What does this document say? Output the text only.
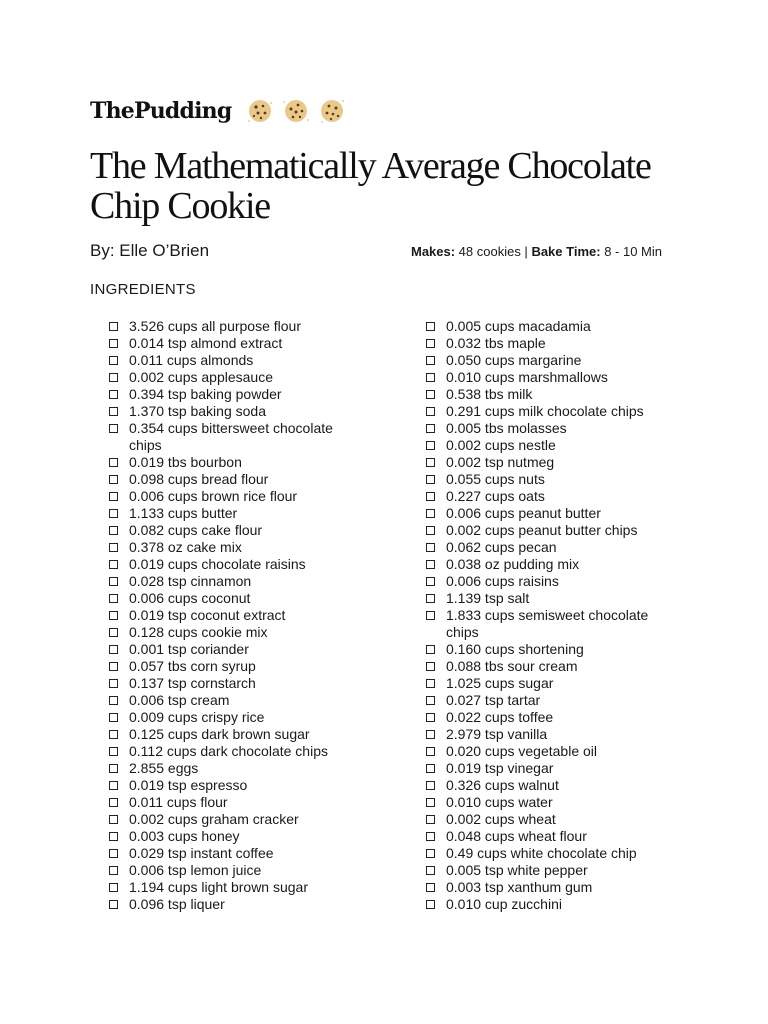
ThePudding
The Mathematically Average Chocolate Chip Cookie
By: Elle O’Brien	Makes: 48 cookies | Bake Time: 8 - 10 Min
INGREDIENTS
3.526 cups all purpose flour
0.014 tsp almond extract
0.011 cups almonds
0.002 cups applesauce
0.394 tsp baking powder
1.370 tsp baking soda
0.354 cups bittersweet chocolate chips
0.019 tbs bourbon
0.098 cups bread flour
0.006 cups brown rice flour
1.133 cups butter
0.082 cups cake flour
0.378 oz cake mix
0.019 cups chocolate raisins
0.028 tsp cinnamon
0.006 cups coconut
0.019 tsp coconut extract
0.128 cups cookie mix
0.001 tsp coriander
0.057 tbs corn syrup
0.137 tsp cornstarch
0.006 tsp cream
0.009 cups crispy rice
0.125 cups dark brown sugar
0.112 cups dark chocolate chips
2.855 eggs
0.019 tsp espresso
0.011 cups flour
0.002 cups graham cracker
0.003 cups honey
0.029 tsp instant coffee
0.006 tsp lemon juice
1.194 cups light brown sugar
0.096 tsp liquer
0.005 cups macadamia
0.032 tbs maple
0.050 cups margarine
0.010 cups marshmallows
0.538 tbs milk
0.291 cups milk chocolate chips
0.005 tbs molasses
0.002 cups nestle
0.002 tsp nutmeg
0.055 cups nuts
0.227 cups oats
0.006 cups peanut butter
0.002 cups peanut butter chips
0.062 cups pecan
0.038 oz pudding mix
0.006 cups raisins
1.139 tsp salt
1.833 cups semisweet chocolate chips
0.160 cups shortening
0.088 tbs sour cream
1.025 cups sugar
0.027 tsp tartar
0.022 cups toffee
2.979 tsp vanilla
0.020 cups vegetable oil
0.019 tsp vinegar
0.326 cups walnut
0.010 cups water
0.002 cups wheat
0.048 cups wheat flour
0.49 cups white chocolate chip
0.005 tsp white pepper
0.003 tsp xanthum gum
0.010 cup zucchini
